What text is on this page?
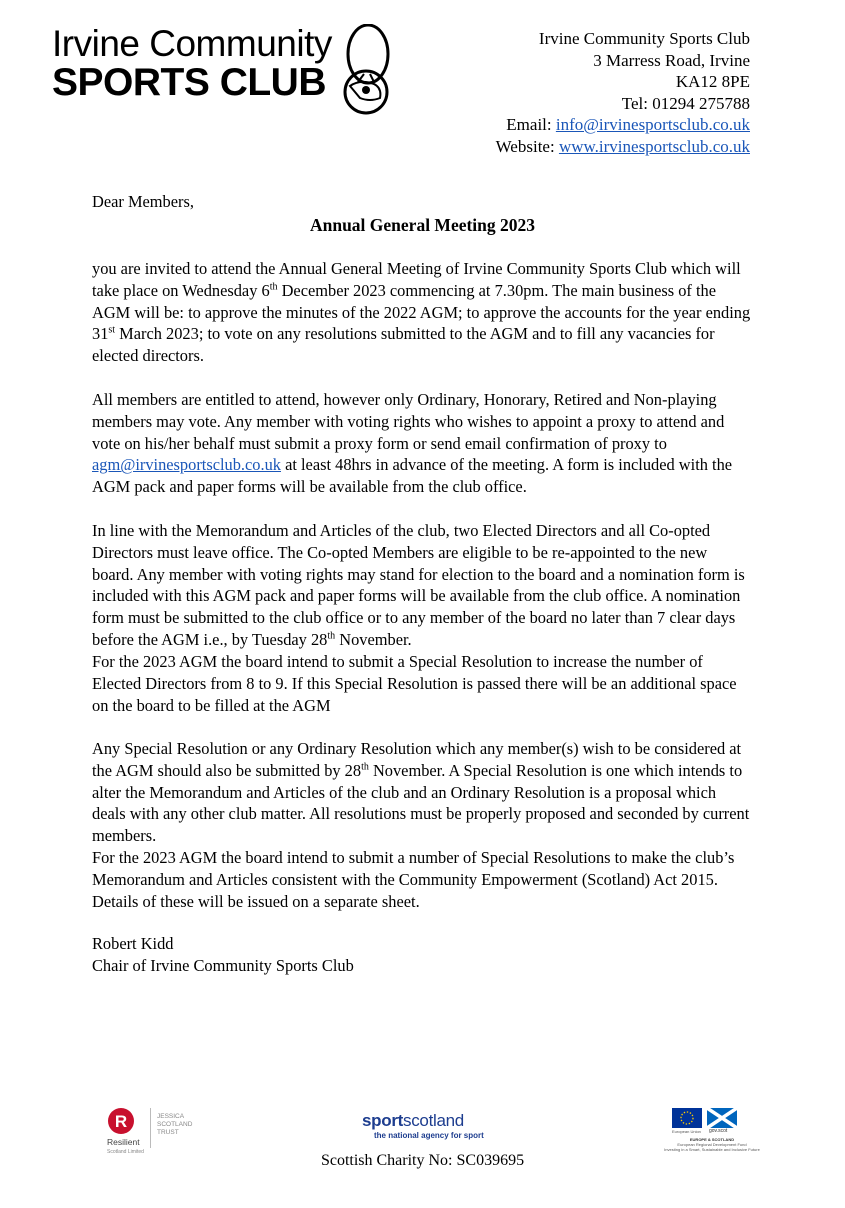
Irvine Community
SPORTS CLUB
Irvine Community Sports Club
3 Marress Road, Irvine
KA12 8PE
Tel: 01294 275788
Email: info@irvinesportsclub.co.uk
Website: www.irvinesportsclub.co.uk
Dear Members,
Annual General Meeting 2023

you are invited to attend the Annual General Meeting of Irvine Community Sports Club which will take place on Wednesday 6th December 2023 commencing at 7.30pm. The main business of the AGM will be: to approve the minutes of the 2022 AGM; to approve the accounts for the year ending 31st March 2023; to vote on any resolutions submitted to the AGM and to fill any vacancies for elected directors.

All members are entitled to attend, however only Ordinary, Honorary, Retired and Non-playing members may vote. Any member with voting rights who wishes to appoint a proxy to attend and vote on his/her behalf must submit a proxy form or send email confirmation of proxy to agm@irvinesportsclub.co.uk at least 48hrs in advance of the meeting. A form is included with the AGM pack and paper forms will be available from the club office.

In line with the Memorandum and Articles of the club, two Elected Directors and all Co-opted Directors must leave office. The Co-opted Members are eligible to be re-appointed to the new board. Any member with voting rights may stand for election to the board and a nomination form is included with this AGM pack and paper forms will be available from the club office. A nomination form must be submitted to the club office or to any member of the board no later than 7 clear days before the AGM i.e., by Tuesday 28th November.

For the 2023 AGM the board intend to submit a Special Resolution to increase the number of Elected Directors from 8 to 9. If this Special Resolution is passed there will be an additional space on the board to be filled at the AGM

Any Special Resolution or any Ordinary Resolution which any member(s) wish to be considered at the AGM should also be submitted by 28th November. A Special Resolution is one which intends to alter the Memorandum and Articles of the club and an Ordinary Resolution is a proposal which deals with any other club matter. All resolutions must be properly proposed and seconded by current members.

For the 2023 AGM the board intend to submit a number of Special Resolutions to make the club’s Memorandum and Articles consistent with the Community Empowerment (Scotland) Act 2015. Details of these will be issued on a separate sheet.

Robert Kidd
Chair of Irvine Community Sports Club
R
Resilient
Scotland Limited
JESSICA
SCOTLAND
TRUST
sportscotland
the national agency for sport	European Union	gov.scot
EUROPE & SCOTLAND
European Regional Development Fund
Investing in a Smart, Sustainable and Inclusive Future
Scottish Charity No: SC039695
